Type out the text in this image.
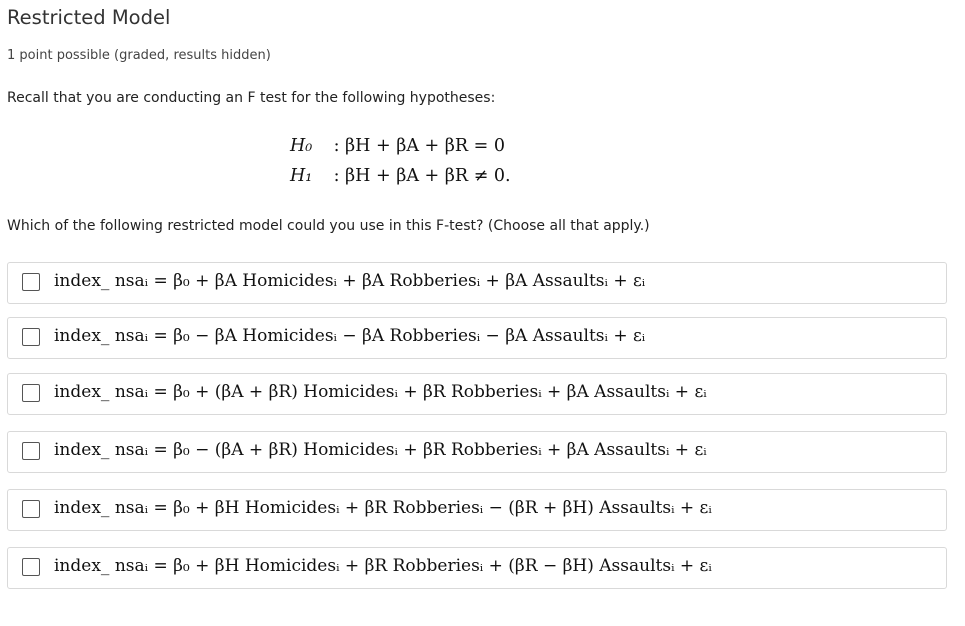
Restricted Model
1 point possible (graded, results hidden)
Recall that you are conducting an F test for the following hypotheses:
H₀ : βH + βA + βR = 0
H₁ : βH + βA + βR ≠ 0.
Which of the following restricted model could you use in this F-test? (Choose all that apply.)
index_ nsaᵢ = β₀ + βA Homicidesᵢ + βA Robberiesᵢ + βA Assaultsᵢ + εᵢ
index_ nsaᵢ = β₀ − βA Homicidesᵢ − βA Robberiesᵢ − βA Assaultsᵢ + εᵢ
index_ nsaᵢ = β₀ + (βA + βR) Homicidesᵢ + βR Robberiesᵢ + βA Assaultsᵢ + εᵢ
index_ nsaᵢ = β₀ − (βA + βR) Homicidesᵢ + βR Robberiesᵢ + βA Assaultsᵢ + εᵢ
index_ nsaᵢ = β₀ + βH Homicidesᵢ + βR Robberiesᵢ − (βR + βH) Assaultsᵢ + εᵢ
index_ nsaᵢ = β₀ + βH Homicidesᵢ + βR Robberiesᵢ + (βR − βH) Assaultsᵢ + εᵢ
